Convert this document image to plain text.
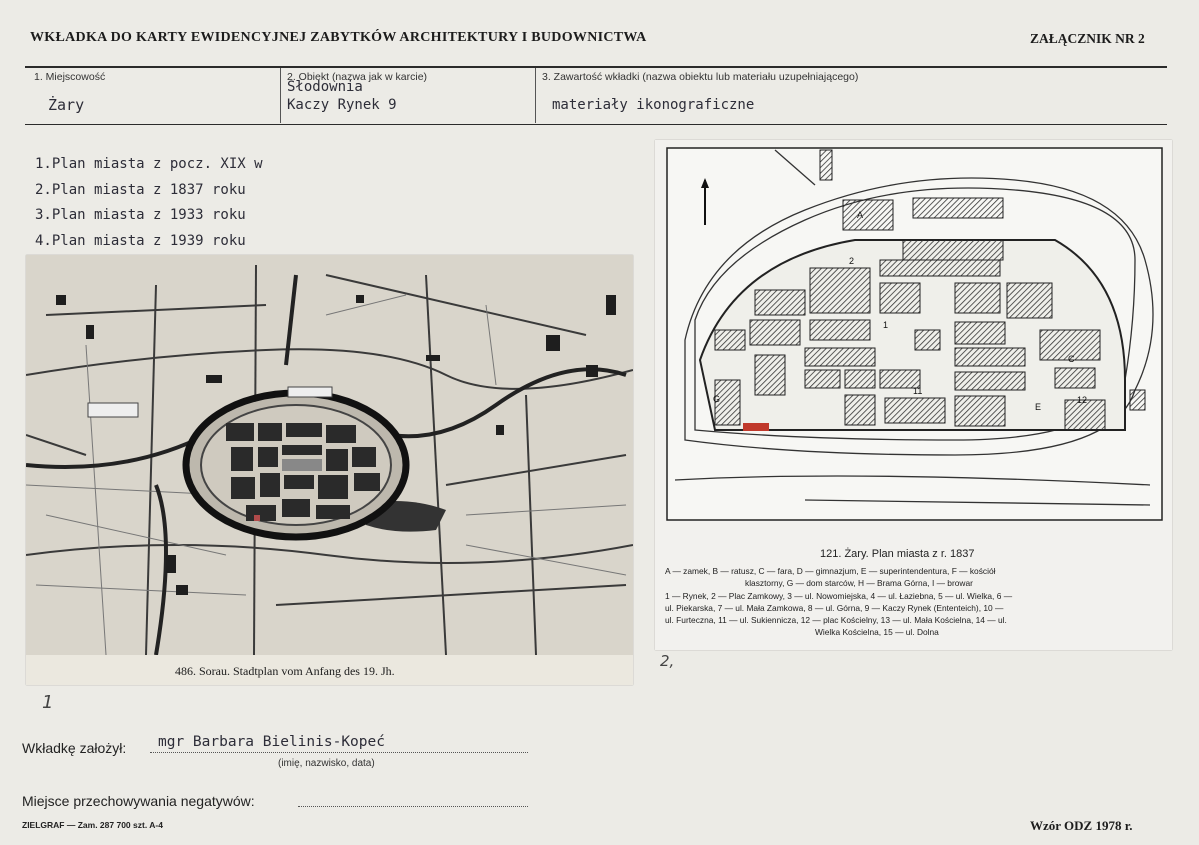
WKŁADKA DO KARTY EWIDENCYJNEJ ZABYTKÓW ARCHITEKTURY I BUDOWNICTWA	ZAŁĄCZNIK NR 2
1. Miejscowość
Żary
2. Obiekt (nazwa jak w karcie)
Słodownia
Kaczy Rynek 9
3. Zawartość wkładki (nazwa obiektu lub materiału uzupełniającego)
materiały ikonograficzne
1.Plan miasta z pocz. XIX w
2.Plan miasta z 1837 roku
3.Plan miasta z 1933 roku
4.Plan miasta z 1939 roku
486. Sorau. Stadtplan vom Anfang des 19. Jh.
1
A
2
1
C
G
E
11
12
121. Żary. Plan miasta z r. 1837
A — zamek, B — ratusz, C — fara, D — gimnazjum, E — superintendentura, F — kościół
klasztorny, G — dom starców, H — Brama Górna, I — browar
1 — Rynek, 2 — Plac Zamkowy, 3 — ul. Nowomiejska, 4 — ul. Łaziebna, 5 — ul. Wielka, 6 —
ul. Piekarska, 7 — ul. Mała Zamkowa, 8 — ul. Górna, 9 — Kaczy Rynek (Ententeich), 10 —
ul. Furteczna, 11 — ul. Sukiennicza, 12 — plac Kościelny, 13 — ul. Mała Kościelna, 14 — ul.
Wielka Kościelna, 15 — ul. Dolna
2,
Wkładkę założył: mgr Barbara Bielinis-Kopeć
(imię, nazwisko, data)
Miejsce przechowywania negatywów:
ZIELGRAF — Zam. 287 700 szt. A-4	Wzór ODZ 1978 r.
